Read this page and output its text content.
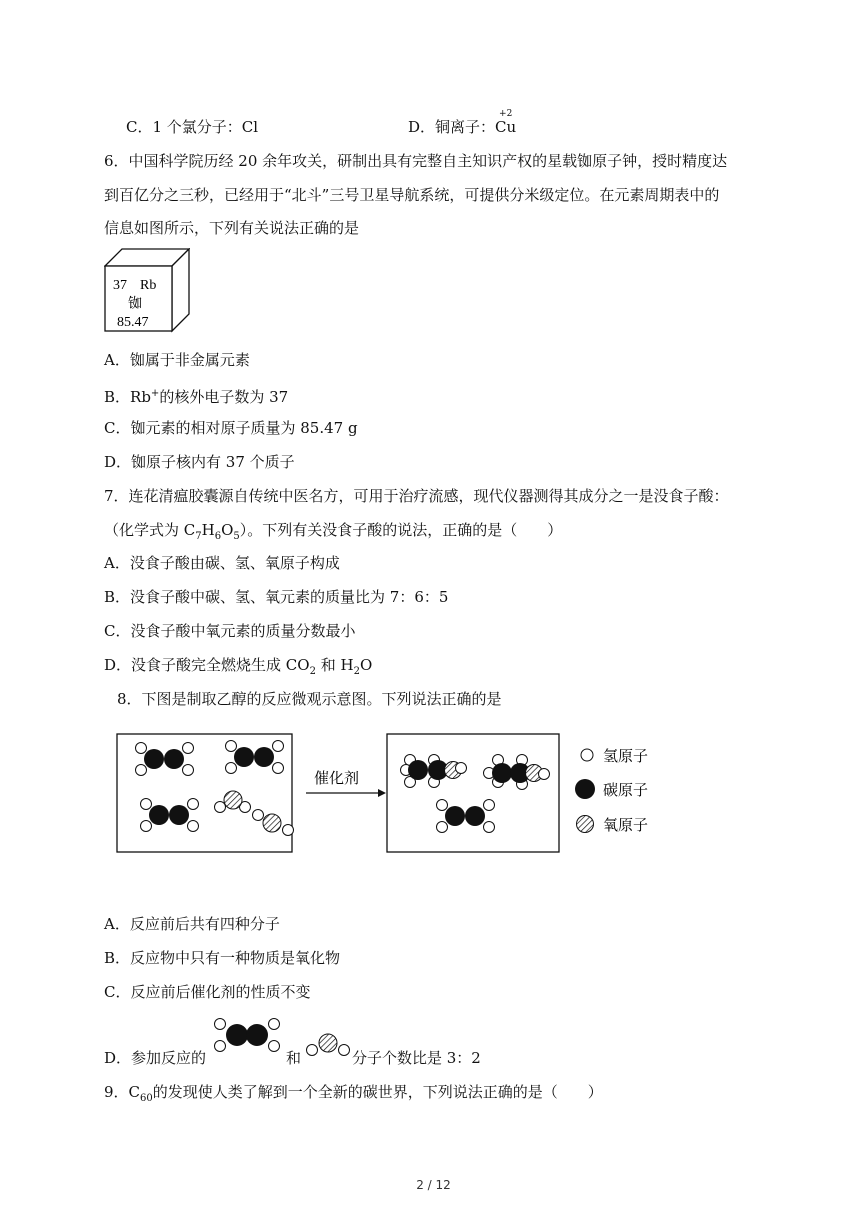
C．1 个氯分子：Cl	D．铜离子：
+2
Cu
6．中国科学院历经 20 余年攻关，研制出具有完整自主知识产权的星载铷原子钟，授时精度达
到百亿分之三秒，已经用于“北斗”三号卫星导航系统，可提供分米级定位。在元素周期表中的
信息如图所示，下列有关说法正确的是
37 Rb
铷
85.47
A．铷属于非金属元素
B．Rb+的核外电子数为 37
C．铷元素的相对原子质量为 85.47 g
D．铷原子核内有 37 个质子
7．连花清瘟胶囊源自传统中医名方，可用于治疗流感，现代仪器测得其成分之一是没食子酸：
（化学式为 $C_7H_6O_5$）。下列有关没食子酸的说法，正确的是（　　）
A．没食子酸由碳、氢、氧原子构成
B．没食子酸中碳、氢、氧元素的质量比为 7：6：5
C．没食子酸中氧元素的质量分数最小
D．没食子酸完全燃烧生成 $CO_2$ 和 $H_2O$
8．下图是制取乙醇的反应微观示意图。下列说法正确的是
催化剂
氢原子
碳原子
氧原子
A．反应前后共有四种分子
B．反应物中只有一种物质是氧化物
C．反应前后催化剂的性质不变
D．参加反应的	和	分子个数比是 3：2
9．$C_{60}$的发现使人类了解到一个全新的碳世界，下列说法正确的是（　　）
2 / 12
